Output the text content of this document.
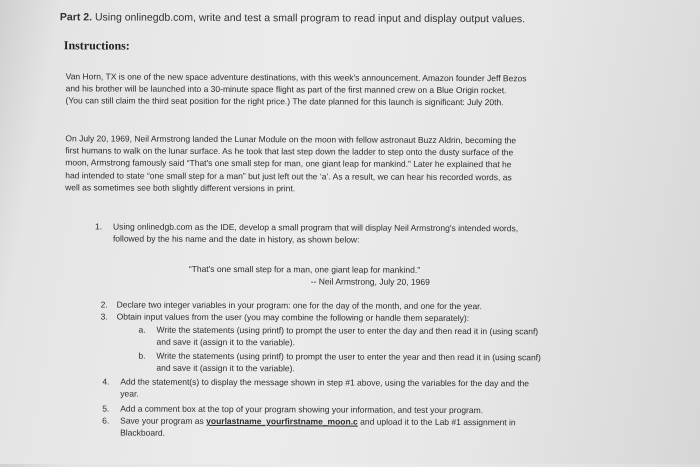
Part 2. Using onlinegdb.com, write and test a small program to read input and display output values.
Instructions:
Van Horn, TX is one of the new space adventure destinations, with this week's announcement. Amazon founder Jeff Bezos
and his brother will be launched into a 30-minute space flight as part of the first manned crew on a Blue Origin rocket.
(You can still claim the third seat position for the right price.) The date planned for this launch is significant: July 20th.
On July 20, 1969, Neil Armstrong landed the Lunar Module on the moon with fellow astronaut Buzz Aldrin, becoming the
first humans to walk on the lunar surface. As he took that last step down the ladder to step onto the dusty surface of the
moon, Armstrong famously said “That's one small step for man, one giant leap for mankind.” Later he explained that he
had intended to state “one small step for a man” but just left out the ‘a’. As a result, we can hear his recorded words, as
well as sometimes see both slightly different versions in print.
1. Using onlinedgb.com as the IDE, develop a small program that will display Neil Armstrong's intended words,
followed by the his name and the date in history, as shown below:
“That's one small step for a man, one giant leap for mankind.”
-- Neil Armstrong, July 20, 1969
2. Declare two integer variables in your program: one for the day of the month, and one for the year.
3. Obtain input values from the user (you may combine the following or handle them separately):
a. Write the statements (using printf) to prompt the user to enter the day and then read it in (using scanf)
and save it (assign it to the variable).
b. Write the statements (using printf) to prompt the user to enter the year and then read it in (using scanf)
and save it (assign it to the variable).
4. Add the statement(s) to display the message shown in step #1 above, using the variables for the day and the
year.
5. Add a comment box at the top of your program showing your information, and test your program.
6. Save your program as yourlastname_yourfirstname_moon.c and upload it to the Lab #1 assignment in
Blackboard.
